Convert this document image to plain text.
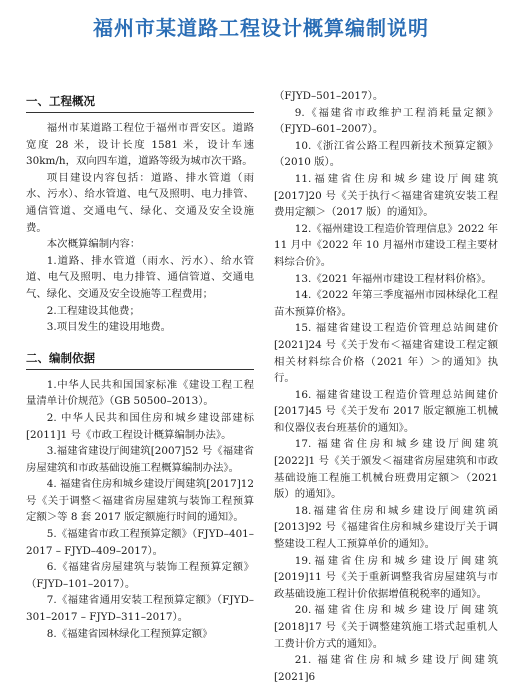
福州市某道路工程设计概算编制说明
一、工程概况

福州市某道路工程位于福州市晋安区。道路宽度 28 米，设计长度 1581 米，设计车速 30km/h，双向四车道，道路等级为城市次干路。

项目建设内容包括：道路、排水管道（雨水、污水）、给水管道、电气及照明、电力排管、通信管道、交通电气、绿化、交通及安全设施费。

本次概算编制内容：

1.道路、排水管道（雨水、污水）、给水管道、电气及照明、电力排管、通信管道、交通电气、绿化、交通及安全设施等工程费用；

2.工程建设其他费；

3.项目发生的建设用地费。

二、编制依据

1.中华人民共和国国家标准《建设工程工程量清单计价规范》（GB 50500–2013）。

2. 中华人民共和国住房和城乡建设部建标[2011]1 号《市政工程设计概算编制办法》。

3.福建省建设厅闽建筑[2007]52 号《福建省房屋建筑和市政基础设施工程概算编制办法》。

4. 福建省住房和城乡建设厅闽建筑[2017]12 号《关于调整＜福建省房屋建筑与装饰工程预算定额＞等 8 套 2017 版定额施行时间的通知》。

5.《福建省市政工程预算定额》（FJYD–401–2017 – FJYD–409–2017）。

6.《福建省房屋建筑与装饰工程预算定额》（FJYD–101–2017）。

7.《福建省通用安装工程预算定额》（FJYD–301–2017 – FJYD–311–2017）。

8.《福建省园林绿化工程预算定额》

（FJYD–501–2017）。

9.《福建省市政维护工程消耗量定额》（FJYD–601–2007）。

10.《浙江省公路工程四新技术预算定额》（2010 版）。

11.福建省住房和城乡建设厅闽建筑[2017]20 号《关于执行＜福建省建筑安装工程费用定额＞（2017 版）的通知》。

12.《福州建设工程造价管理信息》2022 年 11 月中《2022 年 10 月福州市建设工程主要材料综合价》。

13.《2021 年福州市建设工程材料价格》。

14.《2022 年第三季度福州市园林绿化工程苗木预算价格》。

15. 福建省建设工程造价管理总站闽建价[2021]24 号《关于发布＜福建省建设工程定额相关材料综合价格（2021 年）＞的通知》执行。

16. 福建省建设工程造价管理总站闽建价[2017]45 号《关于发布 2017 版定额施工机械和仪器仪表台班基价的通知》。

17. 福建省住房和城乡建设厅闽建筑[2022]1 号《关于颁发＜福建省房屋建筑和市政基础设施工程施工机械台班费用定额＞（2021 版）的通知》。

18.福建省住房和城乡建设厅闽建筑函[2013]92 号《福建省住房和城乡建设厅关于调整建设工程人工预算单价的通知》。

19.福建省住房和城乡建设厅闽建筑[2019]11 号《关于重新调整我省房屋建筑与市政基础设施工程计价依据增值税税率的通知》。

20.福建省住房和城乡建设厅闽建筑[2018]17 号《关于调整建筑施工塔式起重机人工费计价方式的通知》。

21. 福建省住房和城乡建设厅闽建筑[2021]6
